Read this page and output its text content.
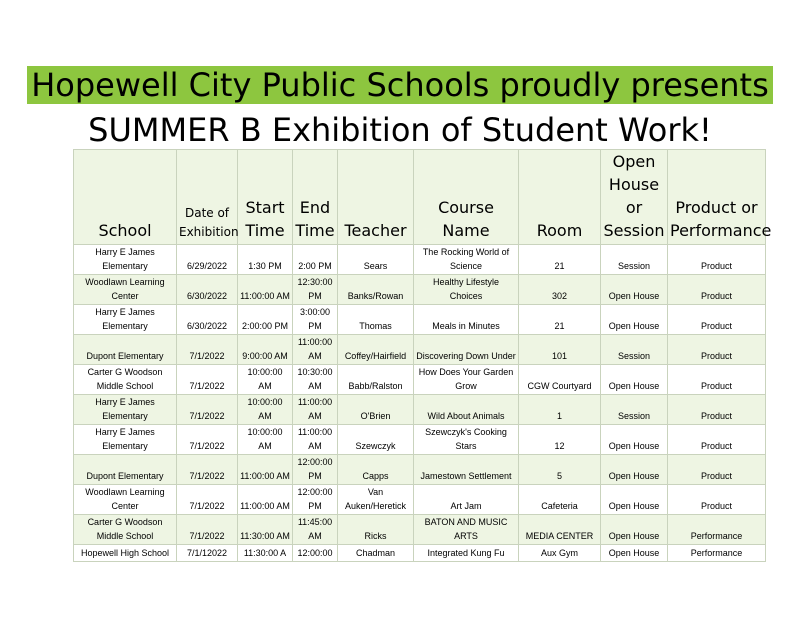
Hopewell City Public Schools proudly presents
SUMMER B Exhibition of Student Work!
School	Date of Exhibition	Start Time	End Time	Teacher	Course Name	Room	Open House or Session	Product or Performance
Harry E James Elementary	6/29/2022	1:30 PM	2:00 PM	Sears	The Rocking World of Science	21	Session	Product
Woodlawn Learning Center	6/30/2022	11:00:00 AM	12:30:00 PM	Banks/Rowan	Healthy Lifestyle Choices	302	Open House	Product
Harry E James Elementary	6/30/2022	2:00:00 PM	3:00:00 PM	Thomas	Meals in Minutes	21	Open House	Product
Dupont Elementary	7/1/2022	9:00:00 AM	11:00:00 AM	Coffey/Hairfield	Discovering Down Under	101	Session	Product
Carter G Woodson Middle School	7/1/2022	10:00:00 AM	10:30:00 AM	Babb/Ralston	How Does Your Garden Grow	CGW Courtyard	Open House	Product
Harry E James Elementary	7/1/2022	10:00:00 AM	11:00:00 AM	O'Brien	Wild About Animals	1	Session	Product
Harry E James Elementary	7/1/2022	10:00:00 AM	11:00:00 AM	Szewczyk	Szewczyk's Cooking Stars	12	Open House	Product
Dupont Elementary	7/1/2022	11:00:00 AM	12:00:00 PM	Capps	Jamestown Settlement	5	Open House	Product
Woodlawn Learning Center	7/1/2022	11:00:00 AM	12:00:00 PM	Van Auken/Heretick	Art Jam	Cafeteria	Open House	Product
Carter G Woodson Middle School	7/1/2022	11:30:00 AM	11:45:00 AM	Ricks	BATON AND MUSIC ARTS	MEDIA CENTER	Open House	Performance
Hopewell High School	7/1/12022	11:30:00 A	12:00:00	Chadman	Integrated Kung Fu	Aux Gym	Open House	Performance
